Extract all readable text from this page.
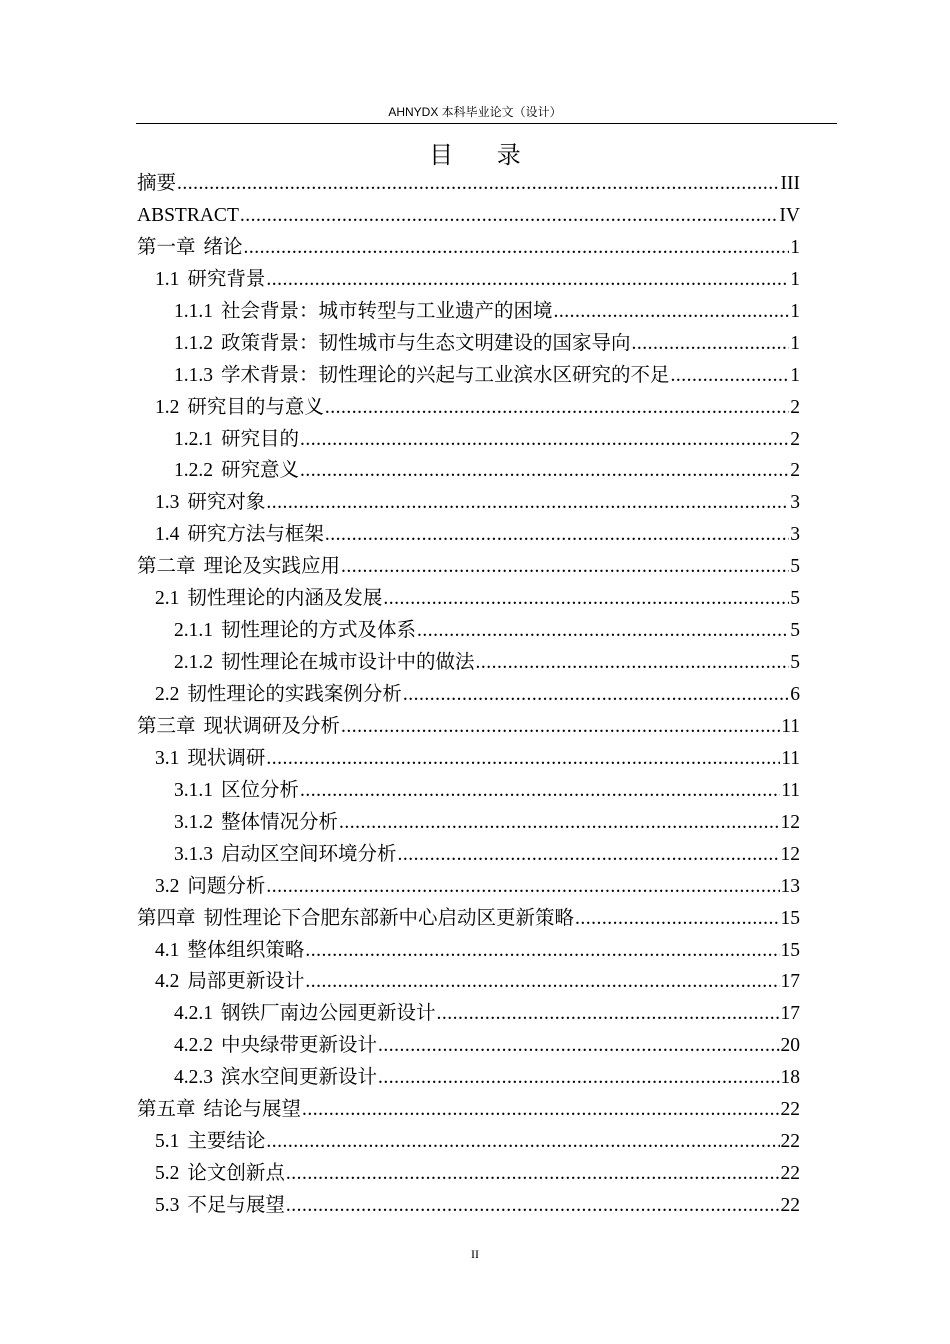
AHNYDX 本科毕业论文（设计）
目 录
摘要 .....	III
ABSTRACT .....	IV
第一章 绪论 .....	1
1.1 研究背景 .....	1
1.1.1 社会背景：城市转型与工业遗产的困境 .....	1
1.1.2 政策背景：韧性城市与生态文明建设的国家导向 .....	1
1.1.3 学术背景：韧性理论的兴起与工业滨水区研究的不足 .....	1
1.2 研究目的与意义 .....	2
1.2.1 研究目的 .....	2
1.2.2 研究意义 .....	2
1.3 研究对象 .....	3
1.4 研究方法与框架 .....	3
第二章 理论及实践应用 .....	5
2.1 韧性理论的内涵及发展 .....	5
2.1.1 韧性理论的方式及体系 .....	5
2.1.2 韧性理论在城市设计中的做法 .....	5
2.2 韧性理论的实践案例分析 .....	6
第三章 现状调研及分析 .....	11
3.1 现状调研 .....	11
3.1.1 区位分析 .....	11
3.1.2 整体情况分析 .....	12
3.1.3 启动区空间环境分析 .....	12
3.2 问题分析 .....	13
第四章 韧性理论下合肥东部新中心启动区更新策略 .....	15
4.1 整体组织策略 .....	15
4.2 局部更新设计 .....	17
4.2.1 钢铁厂南边公园更新设计 .....	17
4.2.2 中央绿带更新设计 .....	20
4.2.3 滨水空间更新设计 .....	18
第五章 结论与展望 .....	22
5.1 主要结论 .....	22
5.2 论文创新点 .....	22
5.3 不足与展望 .....	22
II
